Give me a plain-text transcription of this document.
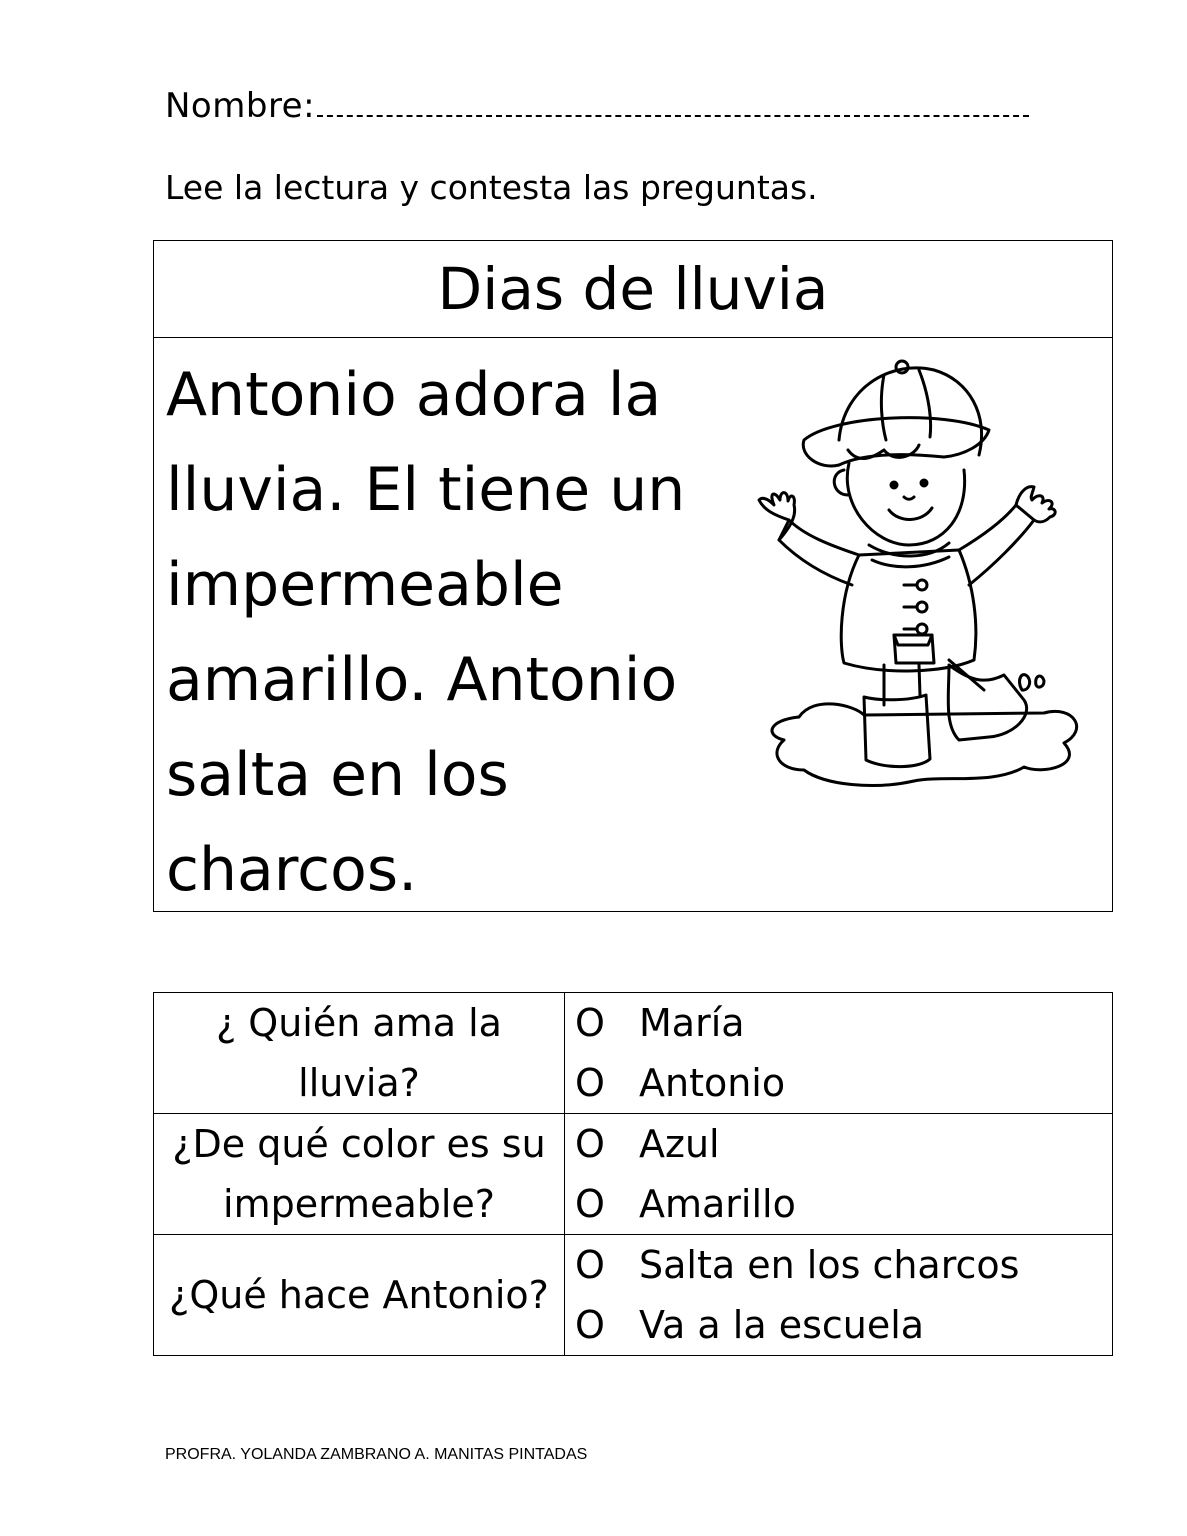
Nombre:
Lee la lectura y contesta las preguntas.
Dias de lluvia
Antonio adora la
lluvia. El tiene un
impermeable
amarillo. Antonio
salta en los
charcos.
¿ Quién ama la lluvia?	O María
O Antonio

¿De qué color es su impermeable?	O Azul
O Amarillo

¿Qué hace Antonio?	O Salta en los charcos
O Va a la escuela
PROFRA. YOLANDA ZAMBRANO A. MANITAS PINTADAS
